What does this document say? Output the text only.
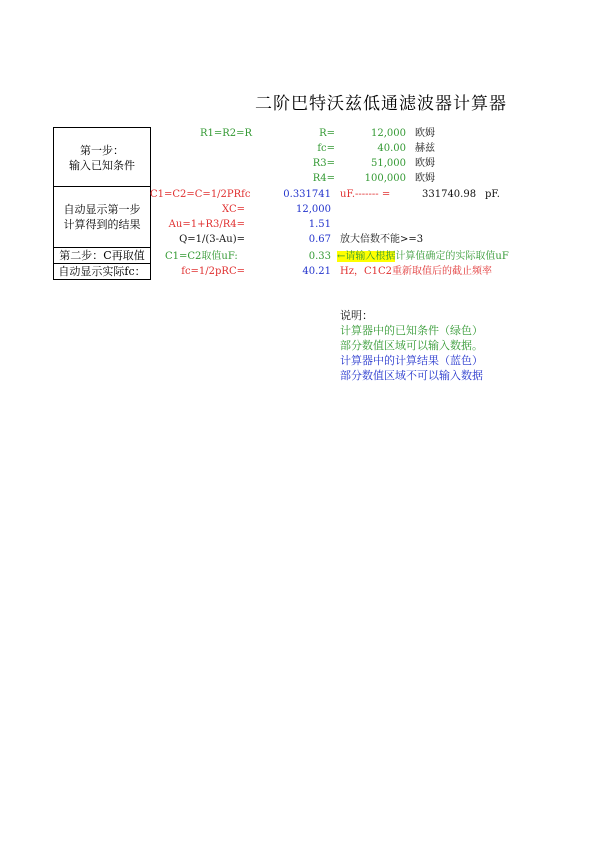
二阶巴特沃兹低通滤波器计算器
第一步：
输入已知条件
自动显示第一步
计算得到的结果
第二步：C再取值
自动显示实际fc：
R1=R2=R	R=	12,000 欧姆
fc=	40.00 赫兹
R3=	51,000 欧姆
R4=	100,000 欧姆
C1=C2=C=1/2PRfc	0.331741 uF.------- =	331740.98 pF.
XC=	12,000
Au=1+R3/R4=	1.51
Q=1/(3-Au)=	0.67 放大倍数不能>=3
C1=C2取值uF:	0.33 ←请输入根据计算值确定的实际取值uF
fc=1/2pRC=	40.21 Hz，C1C2重新取值后的截止频率
说明：
计算器中的已知条件（绿色）
部分数值区域可以输入数据。
计算器中的计算结果（蓝色）
部分数值区域不可以输入数据
